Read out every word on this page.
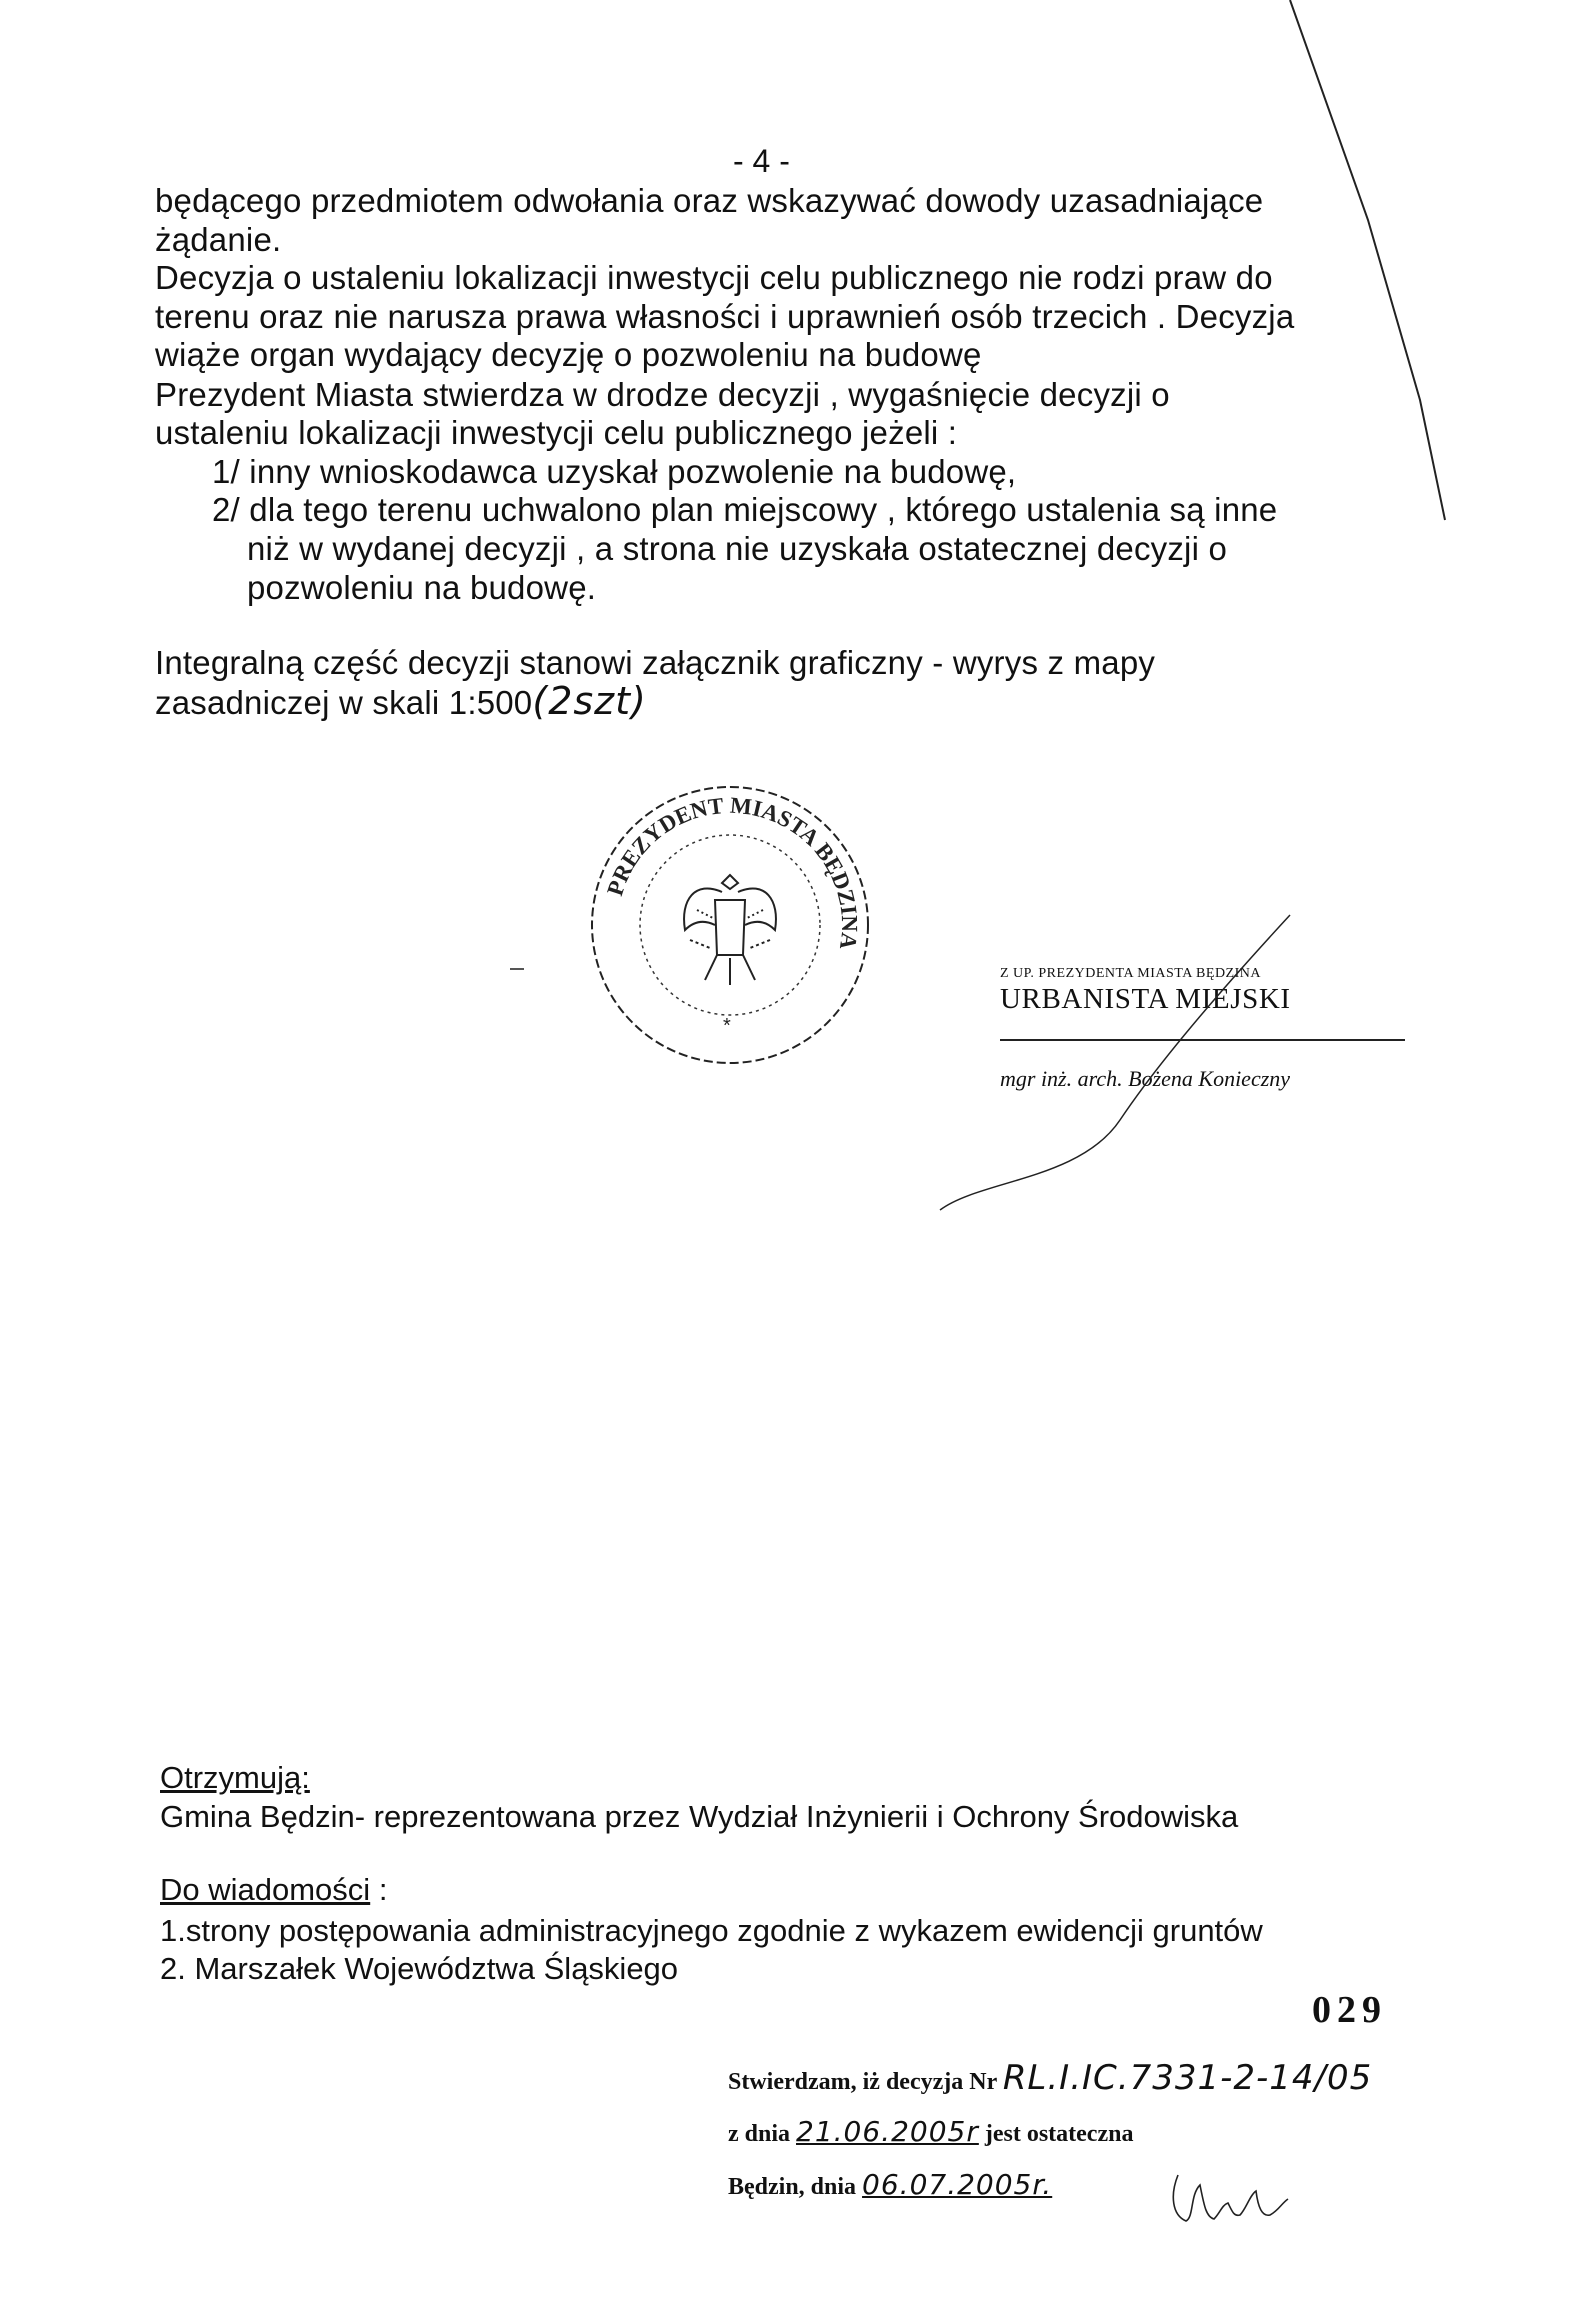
- 4 -
będącego przedmiotem odwołania oraz wskazywać dowody uzasadniające
żądanie.
Decyzja o ustaleniu lokalizacji inwestycji celu publicznego nie rodzi praw do
terenu oraz nie narusza prawa własności i uprawnień osób trzecich . Decyzja
wiąże organ wydający decyzję o pozwoleniu na budowę
Prezydent Miasta stwierdza w drodze decyzji , wygaśnięcie decyzji o
ustaleniu lokalizacji inwestycji celu publicznego jeżeli :
1/ inny wnioskodawca uzyskał pozwolenie na budowę,
2/ dla tego terenu uchwalono plan miejscowy , którego ustalenia są inne
niż w wydanej decyzji , a strona nie uzyskała ostatecznej decyzji o
pozwoleniu na budowę.
Integralną część decyzji stanowi załącznik graficzny - wyrys z mapy
zasadniczej w skali 1:500(2szt)
PREZYDENT MIASTA BĘDZINA
*
Z UP. PREZYDENTA MIASTA BĘDZINA
URBANISTA MIEJSKI
mgr inż. arch. Bożena Konieczny
Otrzymują:
Gmina Będzin- reprezentowana przez Wydział Inżynierii i Ochrony Środowiska
Do wiadomości :
1.strony postępowania administracyjnego zgodnie z wykazem ewidencji gruntów
2. Marszałek Województwa Śląskiego
029
Stwierdzam, iż decyzja Nr RL.I.IC.7331-2-14/05
z dnia 21.06.2005r jest ostateczna
Będzin, dnia 06.07.2005r.
